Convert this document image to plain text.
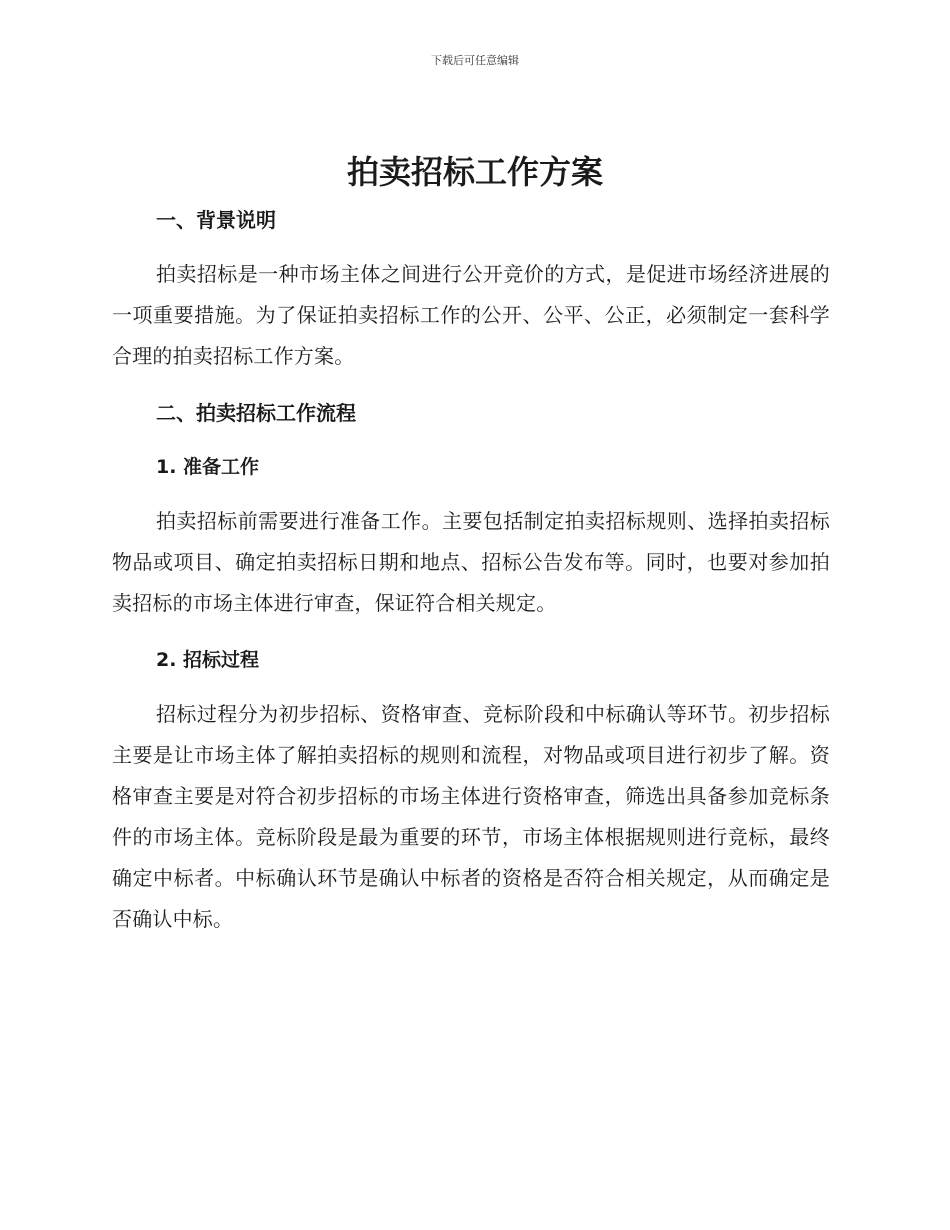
下载后可任意编辑
拍卖招标工作方案
一、背景说明

拍卖招标是一种市场主体之间进行公开竞价的方式，是促进市场经济进展的一项重要措施。为了保证拍卖招标工作的公开、公平、公正，必须制定一套科学合理的拍卖招标工作方案。

二、拍卖招标工作流程
1. 准备工作

拍卖招标前需要进行准备工作。主要包括制定拍卖招标规则、选择拍卖招标物品或项目、确定拍卖招标日期和地点、招标公告发布等。同时，也要对参加拍卖招标的市场主体进行审查，保证符合相关规定。

2. 招标过程

招标过程分为初步招标、资格审查、竞标阶段和中标确认等环节。初步招标主要是让市场主体了解拍卖招标的规则和流程，对物品或项目进行初步了解。资格审查主要是对符合初步招标的市场主体进行资格审查，筛选出具备参加竞标条件的市场主体。竞标阶段是最为重要的环节，市场主体根据规则进行竞标，最终确定中标者。中标确认环节是确认中标者的资格是否符合相关规定，从而确定是否确认中标。
